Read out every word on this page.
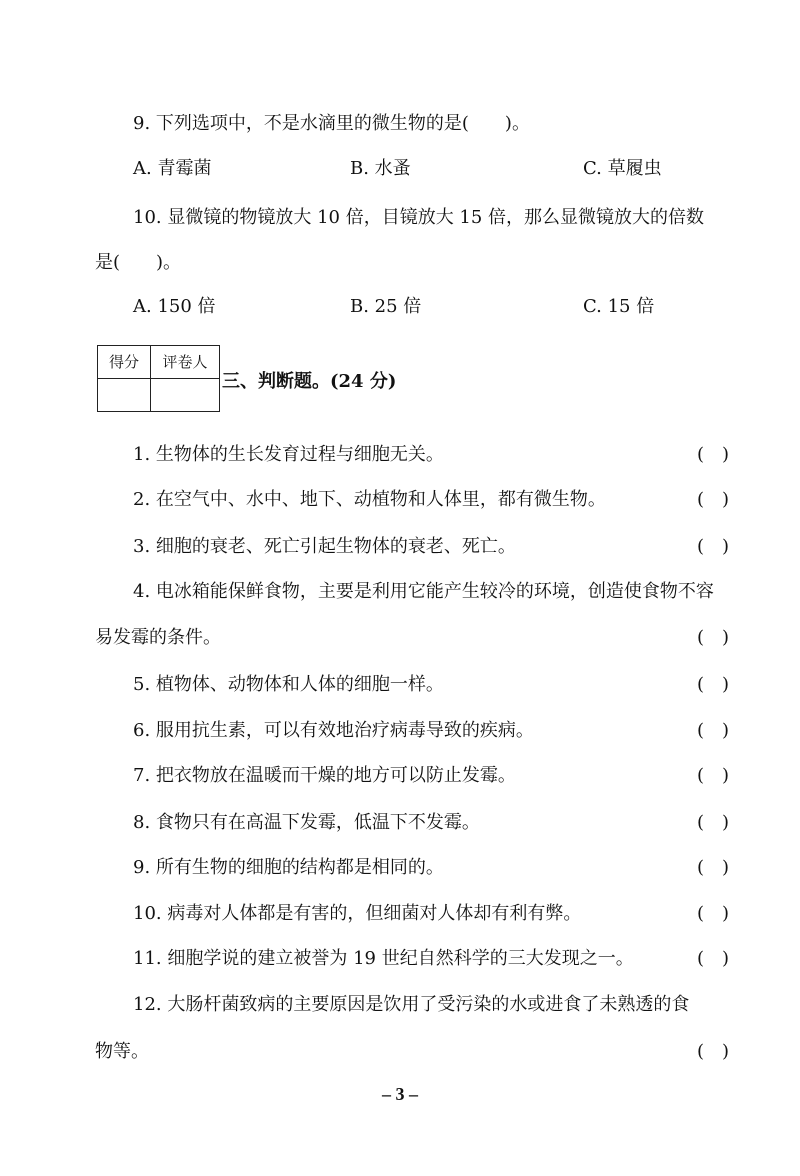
9. 下列选项中，不是水滴里的微生物的是(　　)。
A. 青霉菌	B. 水蚤	C. 草履虫
10. 显微镜的物镜放大 10 倍，目镜放大 15 倍，那么显微镜放大的倍数
是(　　)。
A. 150 倍	B. 25 倍	C. 15 倍
得分	评卷人

三、判断题。(24 分)
1. 生物体的生长发育过程与细胞无关。	(　)
2. 在空气中、水中、地下、动植物和人体里，都有微生物。	(　)
3. 细胞的衰老、死亡引起生物体的衰老、死亡。	(　)
4. 电冰箱能保鲜食物，主要是利用它能产生较冷的环境，创造使食物不容
易发霉的条件。	(　)
5. 植物体、动物体和人体的细胞一样。	(　)
6. 服用抗生素，可以有效地治疗病毒导致的疾病。	(　)
7. 把衣物放在温暖而干燥的地方可以防止发霉。	(　)
8. 食物只有在高温下发霉，低温下不发霉。	(　)
9. 所有生物的细胞的结构都是相同的。	(　)
10. 病毒对人体都是有害的，但细菌对人体却有利有弊。	(　)
11. 细胞学说的建立被誉为 19 世纪自然科学的三大发现之一。	(　)
12. 大肠杆菌致病的主要原因是饮用了受污染的水或进食了未熟透的食
物等。	(　)
– 3 –
